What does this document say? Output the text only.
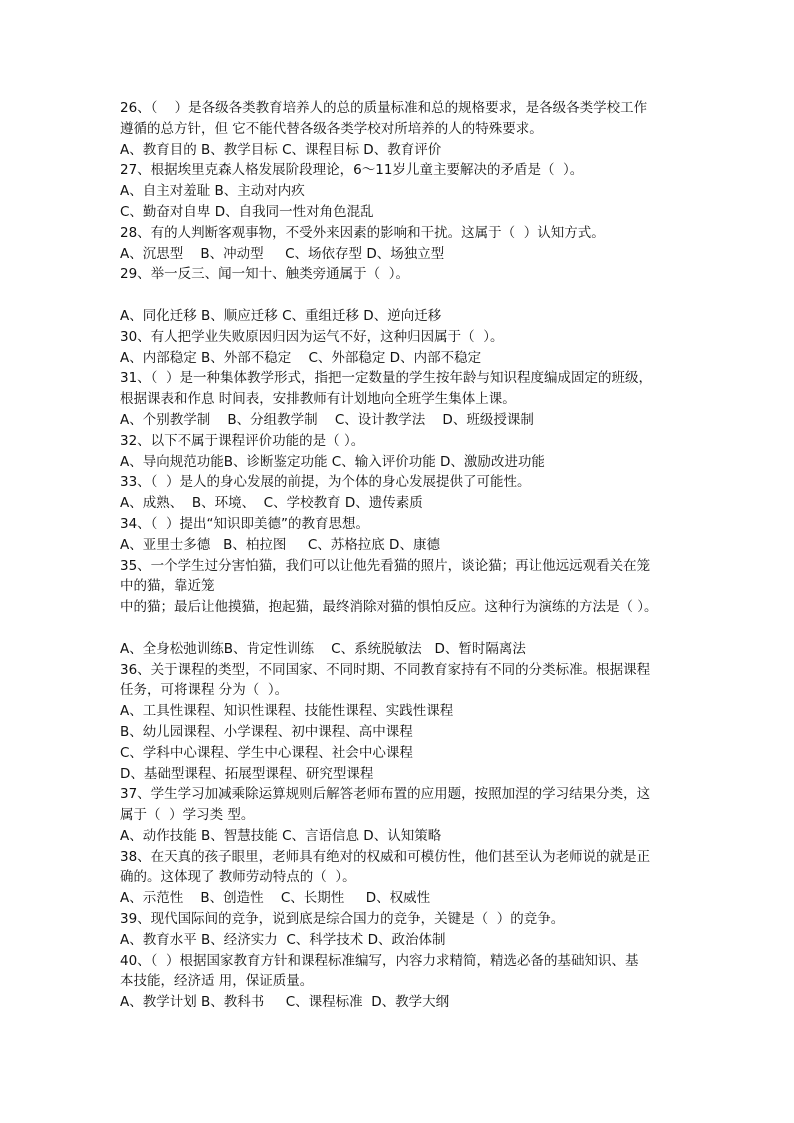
26、（    ）是各级各类教育培养人的总的质量标准和总的规格要求，是各级各类学校工作
遵循的总方针，但 它不能代替各级各类学校对所培养的人的特殊要求。
A、教育目的 B、教学目标 C、课程目标 D、教育评价
27、根据埃里克森人格发展阶段理论，6～11岁儿童主要解决的矛盾是（  ）。
A、自主对羞耻 B、主动对内疚
C、勤奋对自卑 D、自我同一性对角色混乱
28、有的人判断客观事物，不受外来因素的影响和干扰。这属于（  ）认知方式。
A、沉思型    B、冲动型     C、场依存型 D、场独立型
29、举一反三、闻一知十、触类旁通属于（  ）。
A、同化迁移 B、顺应迁移 C、重组迁移 D、逆向迁移
30、有人把学业失败原因归因为运气不好，这种归因属于（  ）。
A、内部稳定 B、外部不稳定    C、外部稳定 D、内部不稳定
31、（  ）是一种集体教学形式，指把一定数量的学生按年龄与知识程度编成固定的班级，
根据课表和作息 时间表，安排教师有计划地向全班学生集体上课。
A、个别教学制    B、分组教学制    C、设计教学法    D、班级授课制
32、以下不属于课程评价功能的是（ ）。
A、导向规范功能B、诊断鉴定功能 C、输入评价功能 D、激励改进功能
33、（  ）是人的身心发展的前提，为个体的身心发展提供了可能性。
A、成熟、  B、环境、  C、学校教育 D、遗传素质
34、（  ）提出“知识即美德”的教育思想。
A、亚里士多德   B、柏拉图     C、苏格拉底 D、康德
35、一个学生过分害怕猫，我们可以让他先看猫的照片，谈论猫；再让他远远观看关在笼
中的猫，靠近笼
中的猫；最后让他摸猫，抱起猫，最终消除对猫的惧怕反应。这种行为演练的方法是（ ）。
A、全身松弛训练B、肯定性训练    C、系统脱敏法   D、暂时隔离法
36、关于课程的类型，不同国家、不同时期、不同教育家持有不同的分类标准。根据课程
任务，可将课程 分为（  ）。
A、工具性课程、知识性课程、技能性课程、实践性课程
B、幼儿园课程、小学课程、初中课程、高中课程
C、学科中心课程、学生中心课程、社会中心课程
D、基础型课程、拓展型课程、研究型课程
37、学生学习加减乘除运算规则后解答老师布置的应用题，按照加涅的学习结果分类，这
属于（  ）学习类 型。
A、动作技能 B、智慧技能 C、言语信息 D、认知策略
38、在天真的孩子眼里，老师具有绝对的权威和可模仿性，他们甚至认为老师说的就是正
确的。这体现了 教师劳动特点的（  ）。
A、示范性    B、创造性    C、长期性     D、权威性
39、现代国际间的竞争，说到底是综合国力的竞争，关键是（  ）的竞争。
A、教育水平 B、经济实力  C、科学技术 D、政治体制
40、（  ）根据国家教育方针和课程标准编写，内容力求精简，精选必备的基础知识、基
本技能，经济适 用，保证质量。
A、教学计划 B、教科书     C、课程标准  D、教学大纲
